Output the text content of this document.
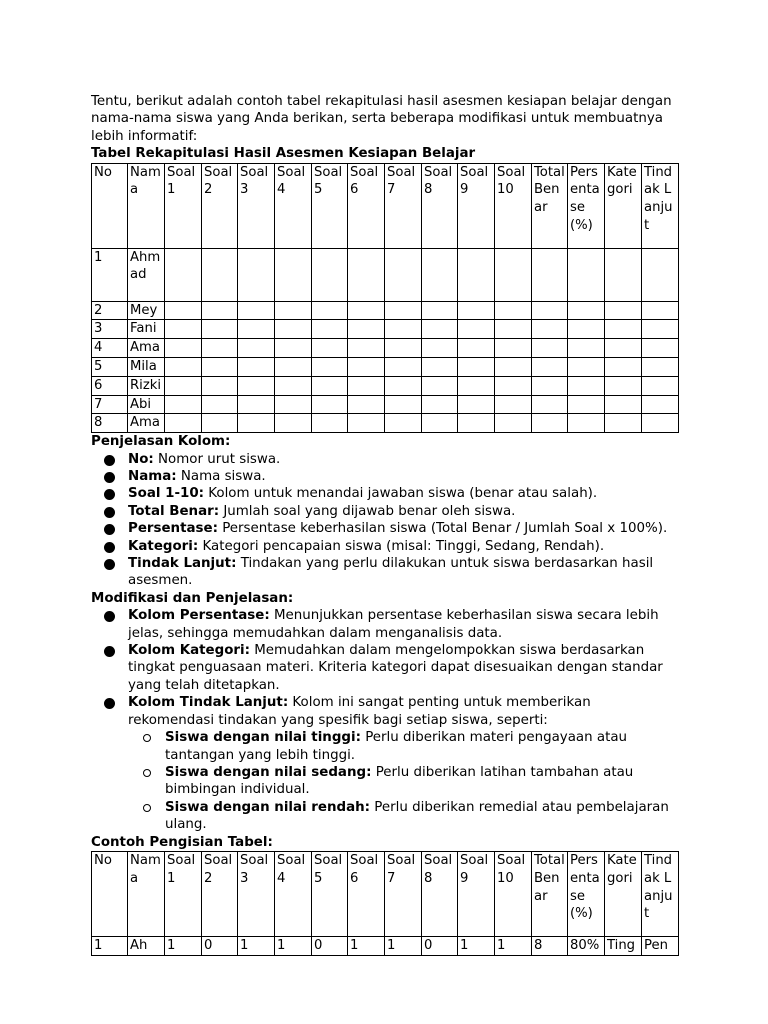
Tentu, berikut adalah contoh tabel rekapitulasi hasil asesmen kesiapan belajar dengan nama-nama siswa yang Anda berikan, serta beberapa modifikasi untuk membuatnya lebih informatif:

Tabel Rekapitulasi Hasil Asesmen Kesiapan Belajar

No	Nama	Soal 1	Soal 2	Soal 3	Soal 4	Soal 5	Soal 6	Soal 7	Soal 8	Soal 9	Soal 10	Total Benar	Persentase (%)	Kategori	Tindak Lanjut
1	Ahmad														
2	Mey														
3	Fani														
4	Ama														
5	Mila														
6	Rizki														
7	Abi														
8	Ama														

Penjelasan Kolom:

No: Nomor urut siswa.
Nama: Nama siswa.
Soal 1-10: Kolom untuk menandai jawaban siswa (benar atau salah).
Total Benar: Jumlah soal yang dijawab benar oleh siswa.
Persentase: Persentase keberhasilan siswa (Total Benar / Jumlah Soal x 100%).
Kategori: Kategori pencapaian siswa (misal: Tinggi, Sedang, Rendah).
Tindak Lanjut: Tindakan yang perlu dilakukan untuk siswa berdasarkan hasil asesmen.

Modifikasi dan Penjelasan:

Kolom Persentase: Menunjukkan persentase keberhasilan siswa secara lebih jelas, sehingga memudahkan dalam menganalisis data.
Kolom Kategori: Memudahkan dalam mengelompokkan siswa berdasarkan tingkat penguasaan materi. Kriteria kategori dapat disesuaikan dengan standar yang telah ditetapkan.
Kolom Tindak Lanjut: Kolom ini sangat penting untuk memberikan rekomendasi tindakan yang spesifik bagi setiap siswa, seperti:
Siswa dengan nilai tinggi: Perlu diberikan materi pengayaan atau tantangan yang lebih tinggi.
Siswa dengan nilai sedang: Perlu diberikan latihan tambahan atau bimbingan individual.
Siswa dengan nilai rendah: Perlu diberikan remedial atau pembelajaran ulang.

Contoh Pengisian Tabel:

No	Nama	Soal 1	Soal 2	Soal 3	Soal 4	Soal 5	Soal 6	Soal 7	Soal 8	Soal 9	Soal 10	Total Benar	Persentase (%)	Kategori	Tindak Lanjut
1	Ah	1	0	1	1	0	1	1	0	1	1	8	80%	Ting	Pen
